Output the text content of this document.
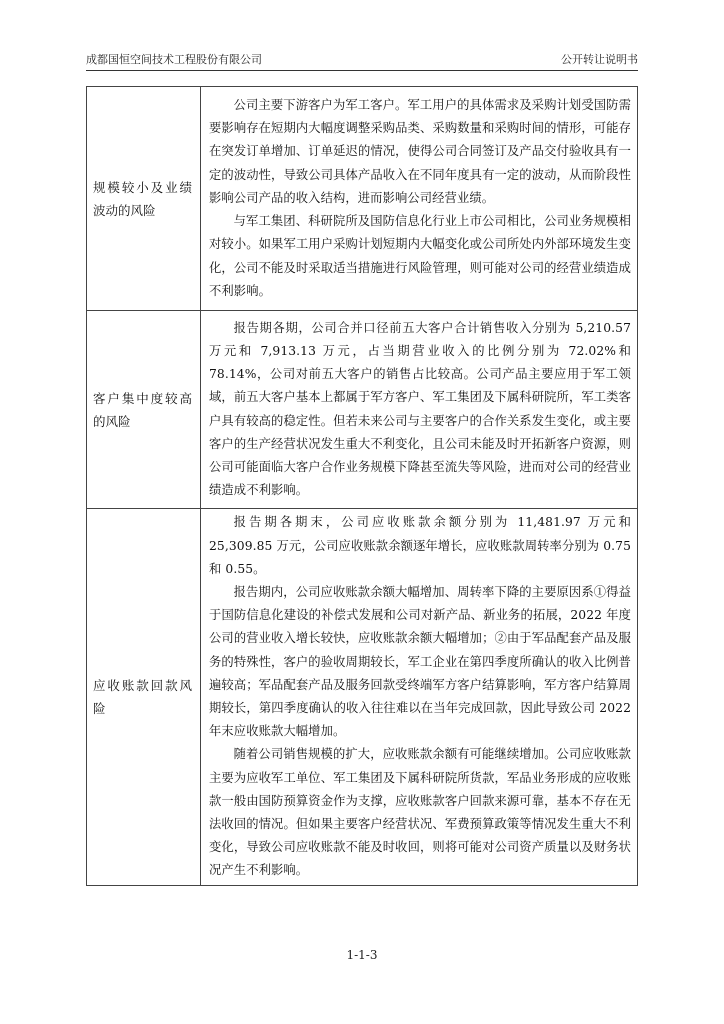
成都国恒空间技术工程股份有限公司	公开转让说明书
规模较小及业绩波动的风险	公司主要下游客户为军工客户。军工用户的具体需求及采购计划受国防需要影响存在短期内大幅度调整采购品类、采购数量和采购时间的情形，可能存在突发订单增加、订单延迟的情况，使得公司合同签订及产品交付验收具有一定的波动性，导致公司具体产品收入在不同年度具有一定的波动，从而阶段性影响公司产品的收入结构，进而影响公司经营业绩。

与军工集团、科研院所及国防信息化行业上市公司相比，公司业务规模相对较小。如果军工用户采购计划短期内大幅变化或公司所处内外部环境发生变化，公司不能及时采取适当措施进行风险管理，则可能对公司的经营业绩造成不利影响。

客户集中度较高的风险	报告期各期，公司合并口径前五大客户合计销售收入分别为 5,210.57 万元和 7,913.13 万元，占当期营业收入的比例分别为 72.02%和 78.14%，公司对前五大客户的销售占比较高。公司产品主要应用于军工领域，前五大客户基本上都属于军方客户、军工集团及下属科研院所，军工类客户具有较高的稳定性。但若未来公司与主要客户的合作关系发生变化，或主要客户的生产经营状况发生重大不利变化，且公司未能及时开拓新客户资源，则公司可能面临大客户合作业务规模下降甚至流失等风险，进而对公司的经营业绩造成不利影响。

应收账款回款风险	报告期各期末，公司应收账款余额分别为 11,481.97 万元和 25,309.85 万元，公司应收账款余额逐年增长，应收账款周转率分别为 0.75 和 0.55。

报告期内，公司应收账款余额大幅增加、周转率下降的主要原因系①得益于国防信息化建设的补偿式发展和公司对新产品、新业务的拓展，2022 年度公司的营业收入增长较快，应收账款余额大幅增加；②由于军品配套产品及服务的特殊性，客户的验收周期较长，军工企业在第四季度所确认的收入比例普遍较高；军品配套产品及服务回款受终端军方客户结算影响，军方客户结算周期较长，第四季度确认的收入往往难以在当年完成回款，因此导致公司 2022 年末应收账款大幅增加。

随着公司销售规模的扩大，应收账款余额有可能继续增加。公司应收账款主要为应收军工单位、军工集团及下属科研院所货款，军品业务形成的应收账款一般由国防预算资金作为支撑，应收账款客户回款来源可靠，基本不存在无法收回的情况。但如果主要客户经营状况、军费预算政策等情况发生重大不利变化，导致公司应收账款不能及时收回，则将可能对公司资产质量以及财务状况产生不利影响。

1-1-3
